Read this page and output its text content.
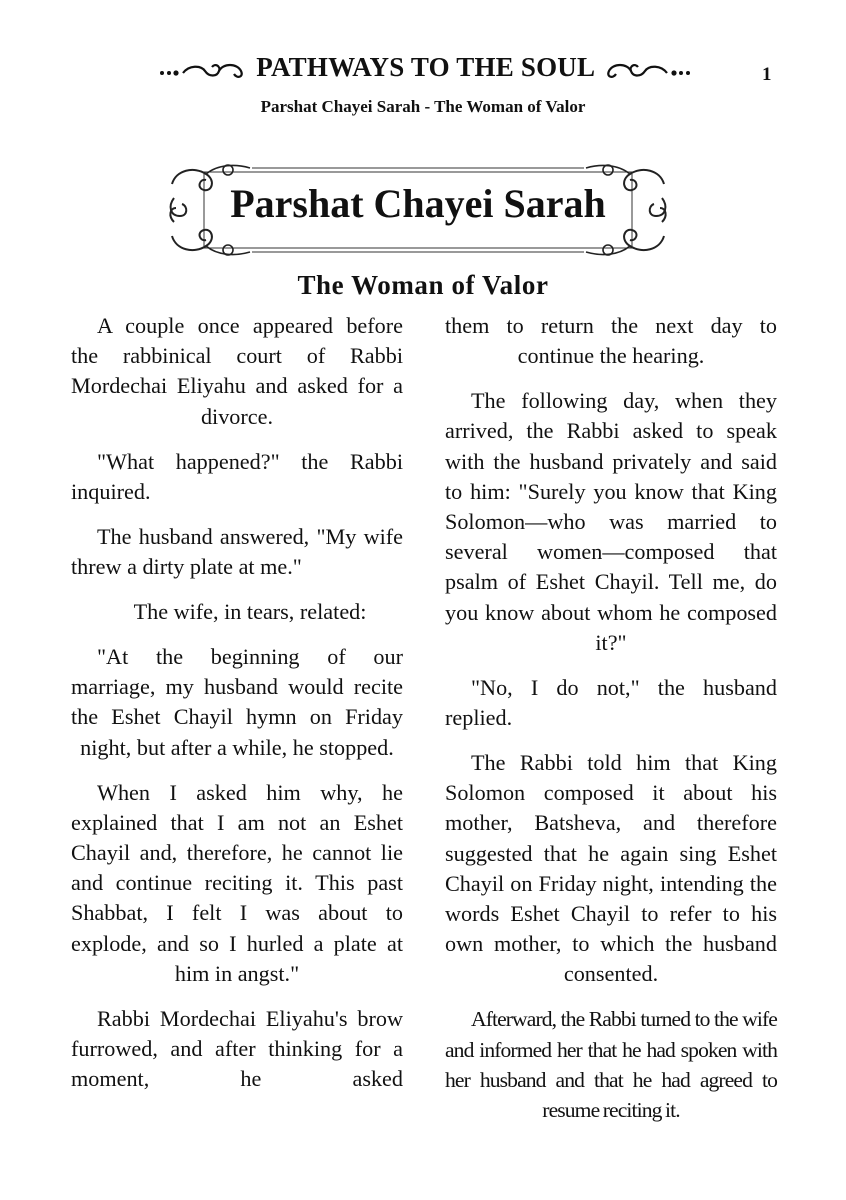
PATHWAYS TO THE SOUL	1
Parshat Chayei Sarah - The Woman of Valor
Parshat Chayei Sarah
The Woman of Valor

A couple once appeared before the rabbinical court of Rabbi Mordechai Eliyahu and asked for a divorce.

"What happened?" the Rabbi inquired.

The husband answered, "My wife threw a dirty plate at me."

The wife, in tears, related:

"At the beginning of our marriage, my husband would recite the Eshet Chayil hymn on Friday night, but after a while, he stopped.

When I asked him why, he explained that I am not an Eshet Chayil and, therefore, he cannot lie and continue reciting it. This past Shabbat, I felt I was about to explode, and so I hurled a plate at him in angst."

Rabbi Mordechai Eliyahu's brow furrowed, and after thinking for a moment, he asked

them to return the next day to continue the hearing.

The following day, when they arrived, the Rabbi asked to speak with the husband privately and said to him: "Surely you know that King Solomon—who was married to several women—composed that psalm of Eshet Chayil. Tell me, do you know about whom he composed it?"

"No, I do not," the husband replied.

The Rabbi told him that King Solomon composed it about his mother, Batsheva, and therefore suggested that he again sing Eshet Chayil on Friday night, intending the words Eshet Chayil to refer to his own mother, to which the husband consented.

Afterward, the Rabbi turned to the wife and informed her that he had spoken with her husband and that he had agreed to resume reciting it.
